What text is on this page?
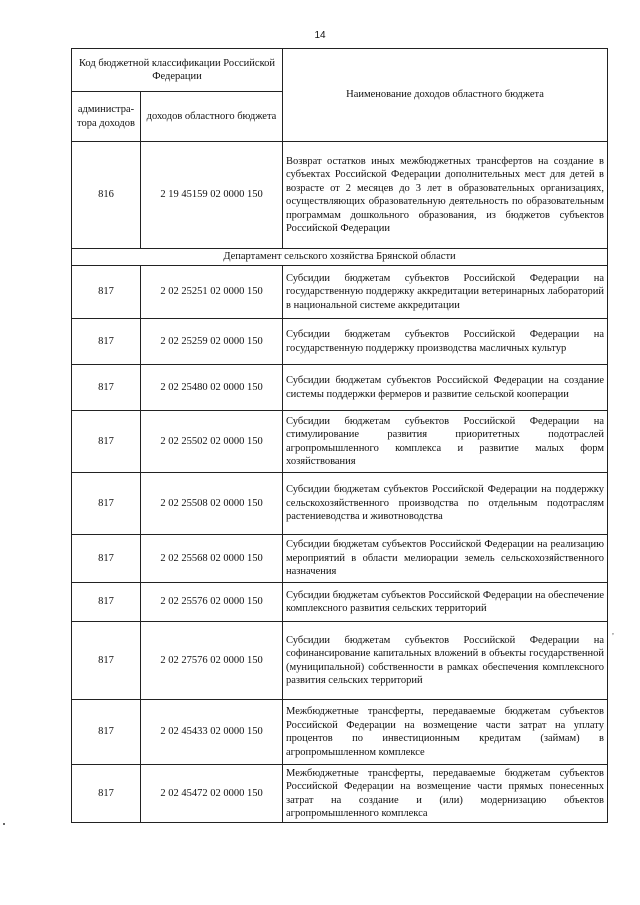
14
Код бюджетной классификации Российской Федерации		Наименование доходов областного бюджета
администра-тора доходов	доходов областного бюджета	
816	2 19 45159 02 0000 150	Возврат остатков иных межбюджетных трансфертов на создание в субъектах Российской Федерации дополнительных мест для детей в возрасте от 2 месяцев до 3 лет в образовательных организациях, осуществляющих образовательную деятельность по образовательным программам дошкольного образования, из бюджетов субъектов Российской Федерации
Департамент сельского хозяйства Брянской области		
817	2 02 25251 02 0000 150	Субсидии бюджетам субъектов Российской Федерации на государственную поддержку аккредитации ветеринарных лабораторий в национальной системе аккредитации
817	2 02 25259 02 0000 150	Субсидии бюджетам субъектов Российской Федерации на государственную поддержку производства масличных культур
817	2 02 25480 02 0000 150	Субсидии бюджетам субъектов Российской Федерации на создание системы поддержки фермеров и развитие сельской кооперации
817	2 02 25502 02 0000 150	Субсидии бюджетам субъектов Российской Федерации на стимулирование развития приоритетных подотраслей агропромышленного комплекса и развитие малых форм хозяйствования
817	2 02 25508 02 0000 150	Субсидии бюджетам субъектов Российской Федерации на поддержку сельскохозяйственного производства по отдельным подотраслям растениеводства и животноводства
817	2 02 25568 02 0000 150	Субсидии бюджетам субъектов Российской Федерации на реализацию мероприятий в области мелиорации земель сельскохозяйственного назначения
817	2 02 25576 02 0000 150	Субсидии бюджетам субъектов Российской Федерации на обеспечение комплексного развития сельских территорий
817	2 02 27576 02 0000 150	Субсидии бюджетам субъектов Российской Федерации на софинансирование капитальных вложений в объекты государственной (муниципальной) собственности в рамках обеспечения комплексного развития сельских территорий
817	2 02 45433 02 0000 150	Межбюджетные трансферты, передаваемые бюджетам субъектов Российской Федерации на возмещение части затрат на уплату процентов по инвестиционным кредитам (займам) в агропромышленном комплексе
817	2 02 45472 02 0000 150	Межбюджетные трансферты, передаваемые бюджетам субъектов Российской Федерации на возмещение части прямых понесенных затрат на создание и (или) модернизацию объектов агропромышленного комплекса
,
